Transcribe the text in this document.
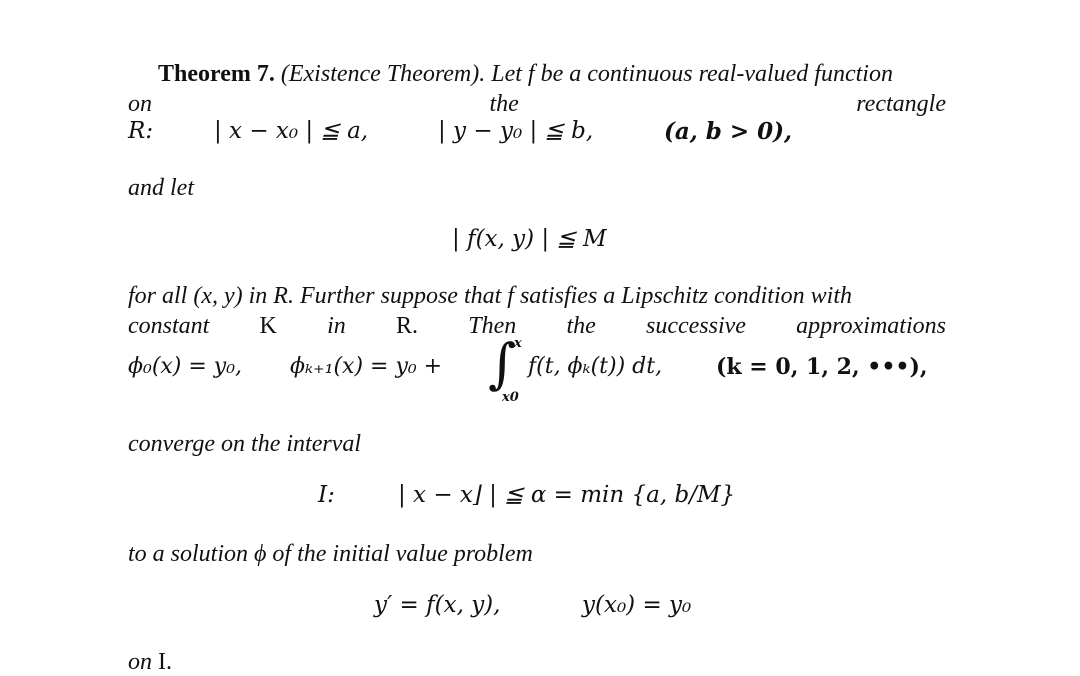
Theorem 7. (Existence Theorem). Let f be a continuous real-valued function
on	the	rectangle
R:	| x − x₀ | ≦ a,	| y − y₀ | ≦ b,	(a, b > 0),
and let
| f(x, y) | ≦ M
for all (x, y) in R. Further suppose that f satisfies a Lipschitz condition with
constant K in R. Then the successive approximations
ϕ₀(x) = y₀, ϕₖ₊₁(x) = y₀ + ∫
x
x0
f(t, ϕₖ(t)) dt, (k = 0, 1, 2, •••),
converge on the interval
I:	| x − x⌋ | ≦ α = min {a, b/M}
to a solution ϕ of the initial value problem
y′ = f(x, y),	y(x₀) = y₀
on I.
